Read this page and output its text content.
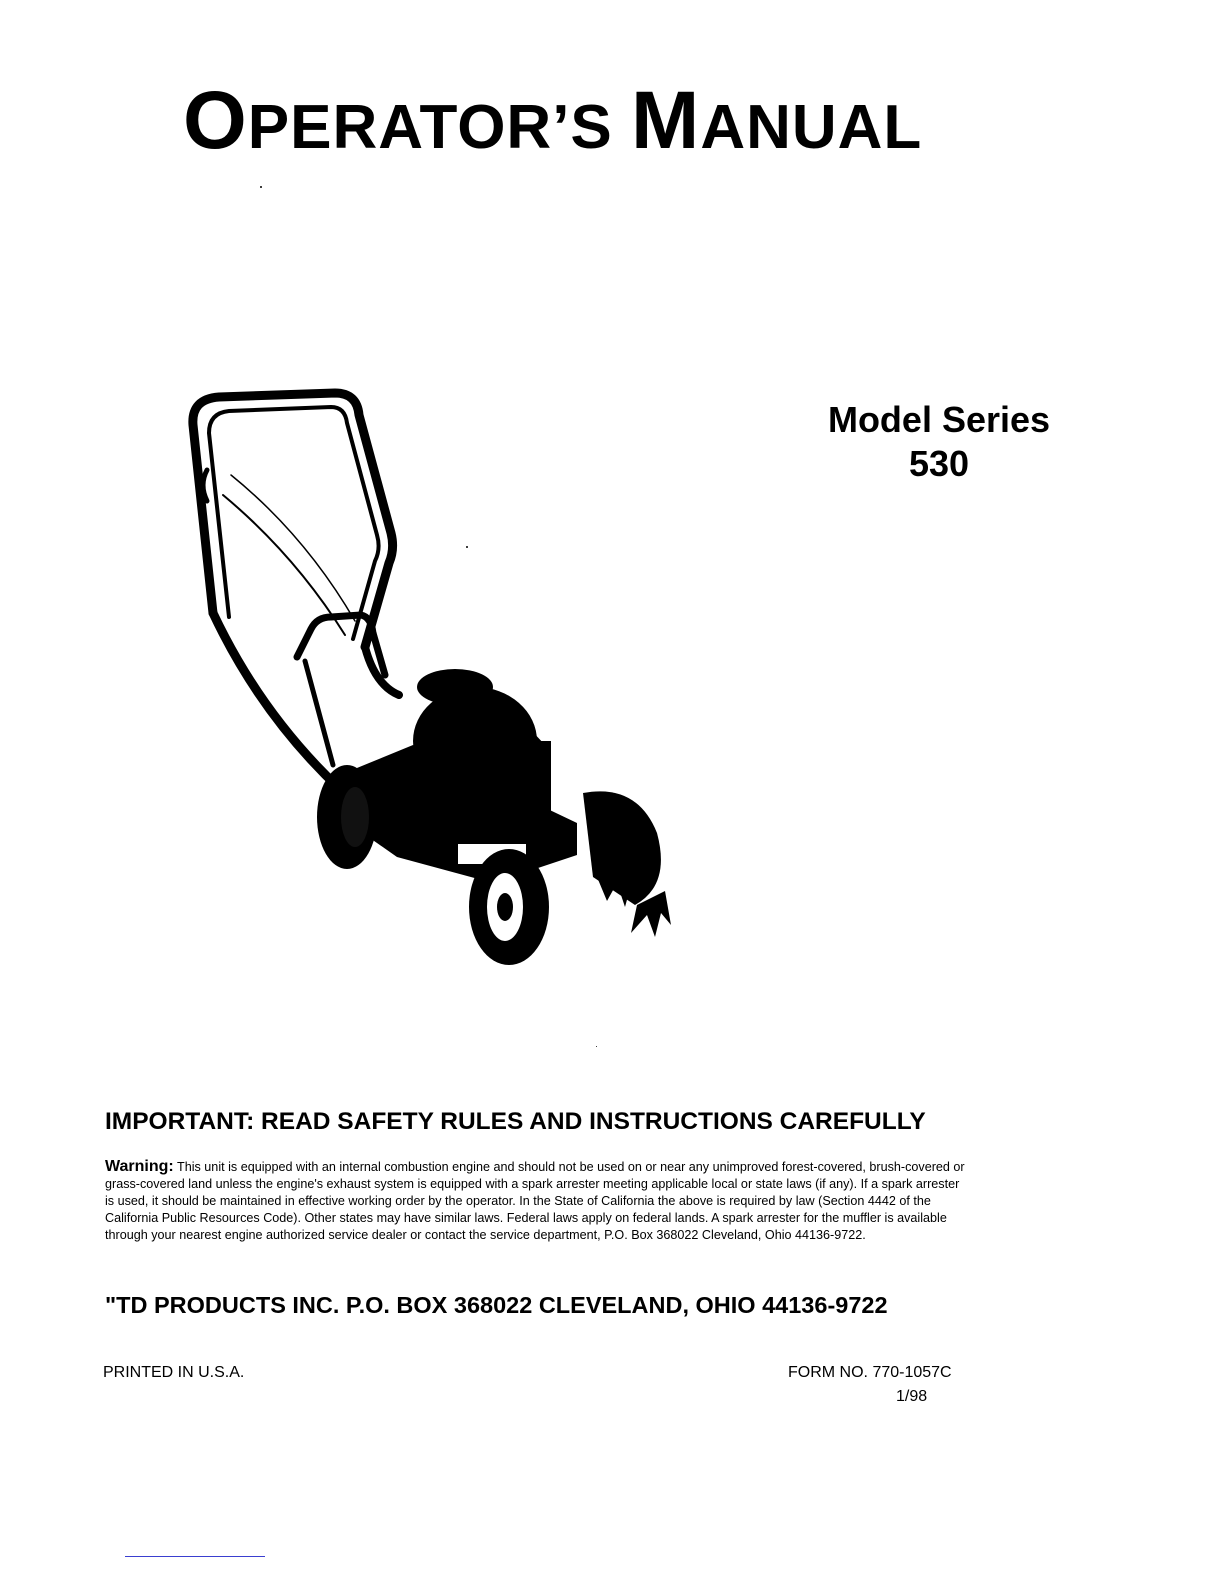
OPERATOR’S MANUAL
Model Series
530
IMPORTANT: READ SAFETY RULES AND INSTRUCTIONS CAREFULLY
Warning: This unit is equipped with an internal combustion engine and should not be used on or near any unimproved forest-covered, brush-covered or grass-covered land unless the engine's exhaust system is equipped with a spark arrester meeting applicable local or state laws (if any). If a spark arrester is used, it should be maintained in effective working order by the operator. In the State of California the above is required by law (Section 4442 of the California Public Resources Code). Other states may have similar laws. Federal laws apply on federal lands. A spark arrester for the muffler is available through your nearest engine authorized service dealer or contact the service department, P.O. Box 368022 Cleveland, Ohio 44136-9722.
"TD PRODUCTS INC. P.O. BOX 368022 CLEVELAND, OHIO 44136-9722
PRINTED IN U.S.A.	FORM NO. 770-1057C
1/98
